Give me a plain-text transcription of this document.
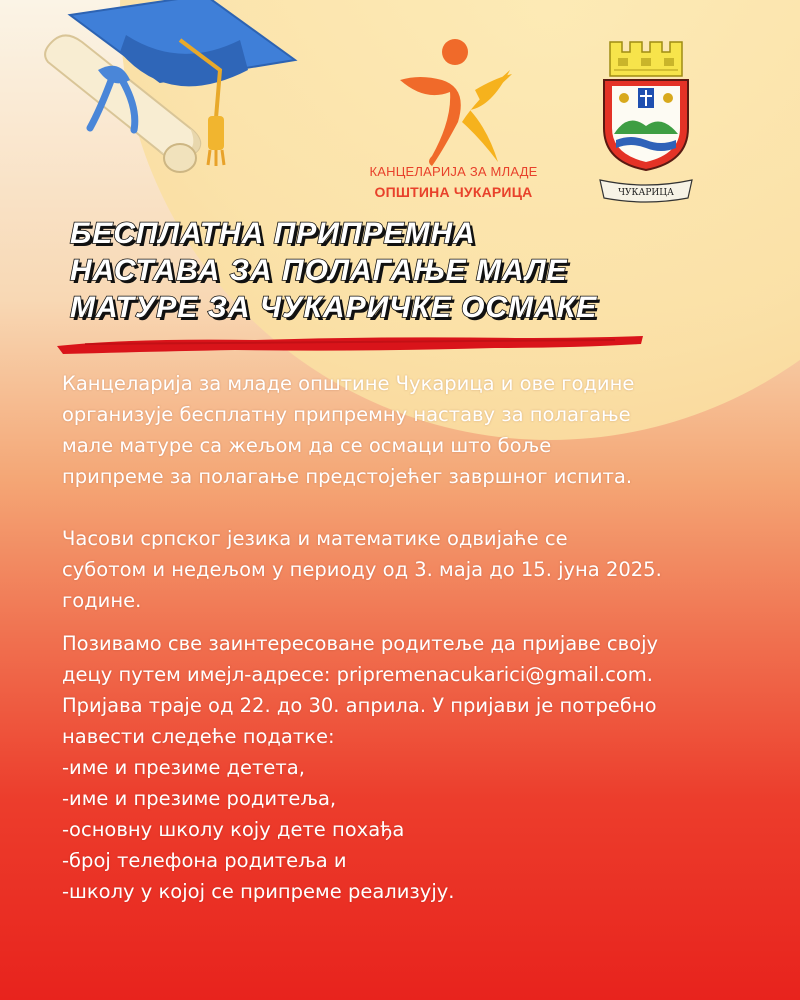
КАНЦЕЛАРИЈА ЗА МЛАДЕ
ОПШТИНА ЧУКАРИЦА	ЧУКАРИЦА
БЕСПЛАТНА ПРИПРЕМНА
НАСТАВА ЗА ПОЛАГАЊЕ МАЛЕ
МАТУРЕ ЗА ЧУКАРИЧКЕ ОСМАКЕ

Канцеларија за младе општине Чукарица и ове године

организује бесплатну припремну наставу за полагање

мале матуре са жељом да се осмаци што боље

припреме за полагање предстојећег завршног испита.

Часови српског језика и математике одвијаће се

суботом и недељом у периоду од 3. маја до 15. јуна 2025.

године.

Позивамо све заинтересоване родитеље да пријаве своју

децу путем имејл-адресе: pripremenacukarici@gmail.com.

Пријава траје од 22. до 30. априла. У пријави је потребно

навести следеће податке:

-име и презиме детета,

-име и презиме родитеља,

-основну школу коју дете похађа

-број телефона родитеља и

-школу у којој се припреме реализују.
